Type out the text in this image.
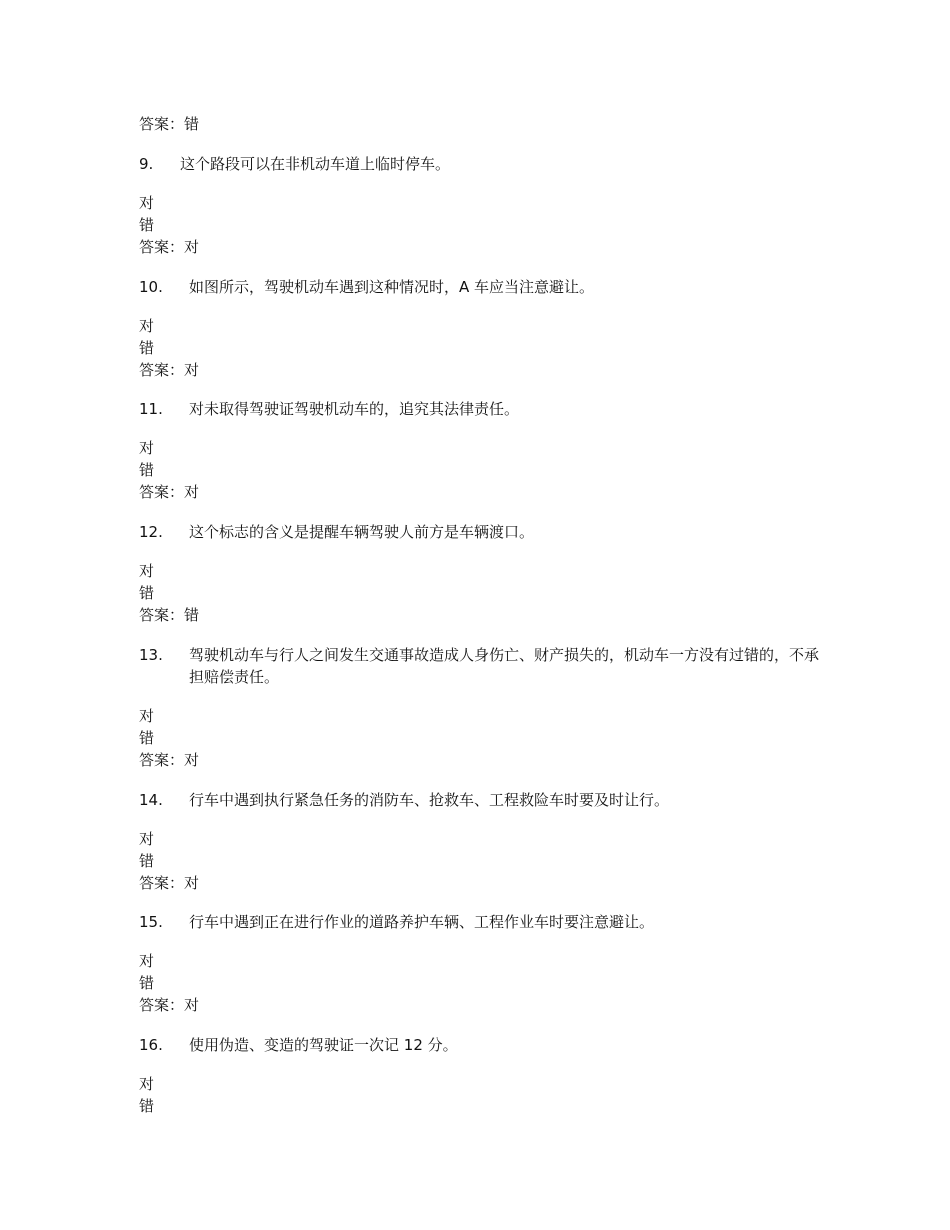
答案：错
9. 这个路段可以在非机动车道上临时停车。
对
错
答案：对
10. 如图所示，驾驶机动车遇到这种情况时，A 车应当注意避让。
对
错
答案：对
11. 对未取得驾驶证驾驶机动车的，追究其法律责任。
对
错
答案：对
12. 这个标志的含义是提醒车辆驾驶人前方是车辆渡口。
对
错
答案：错
13. 驾驶机动车与行人之间发生交通事故造成人身伤亡、财产损失的，机动车一方没有过错的，不承担赔偿责任。
对
错
答案：对
14. 行车中遇到执行紧急任务的消防车、抢救车、工程救险车时要及时让行。
对
错
答案：对
15. 行车中遇到正在进行作业的道路养护车辆、工程作业车时要注意避让。
对
错
答案：对
16. 使用伪造、变造的驾驶证一次记 12 分。
对
错
